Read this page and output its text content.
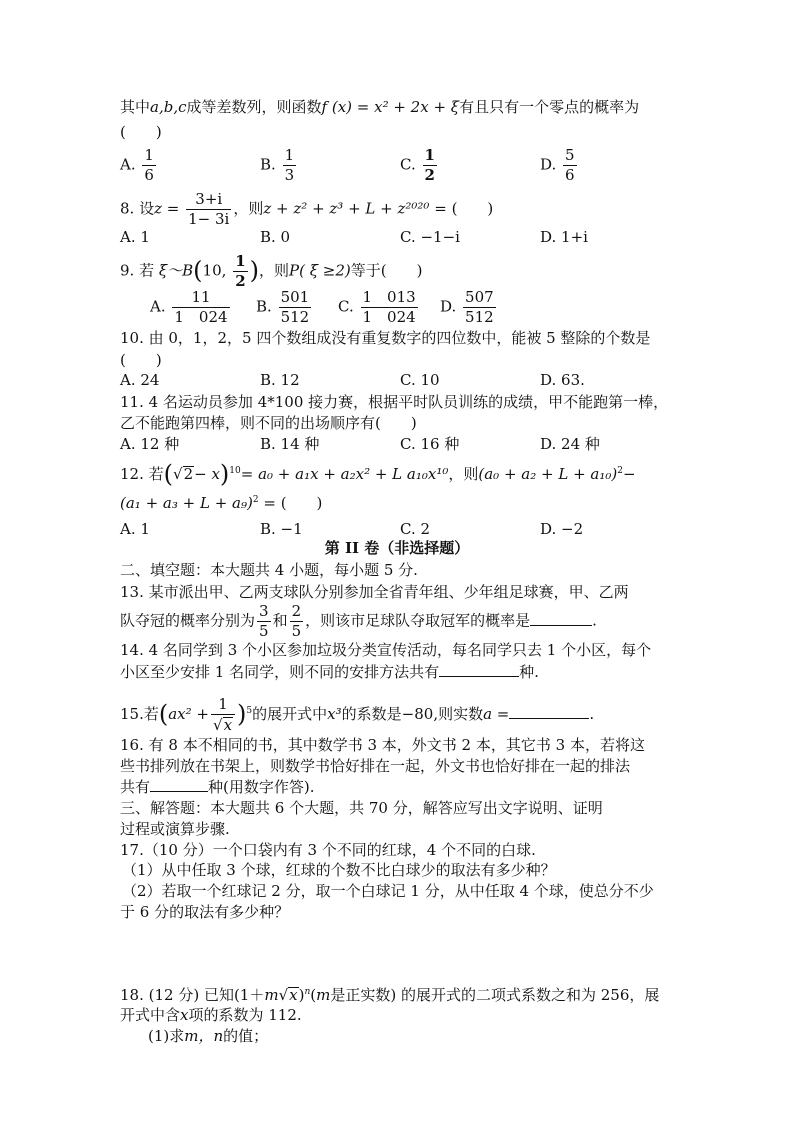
其中a,b,c成等差数列，则函数f (x) = x² + 2x + ξ有且只有一个零点的概率为
(　　)
A. $\frac{1}{6}$	B. $\frac{1}{3}$	C. $\frac{1}{2}$	D. $\frac{5}{6}$
8. 设$z = \frac{3+i}{1- 3i}$ ，则z + z² + z³ + L + z²⁰²⁰ = (　　)
A. 1	B. 0	C. −1−i	D. 1+i
9. 若 ξ～B(10, $\frac{1}{2}$ )，则P( ξ ≥2)等于(　　)
A. $\frac{11}{1 024} B$. $\frac{501}{512} C$. $\frac{1 013}{1 024} D$. $\frac{507}{512}$
10. 由 0，1，2，5 四个数组成没有重复数字的四位数中，能被 5 整除的个数是
(　　)
A. 24	B. 12	C. 10	D. 63.
11. 4 名运动员参加 4*100 接力赛，根据平时队员训练的成绩，甲不能跑第一棒，
乙不能跑第四棒，则不同的出场顺序有(　　)
A. 12 种	B. 14 种	C. 16 种	D. 24 种
12. 若$(√2- x)^{10}= a_0 + a_1x + a_2x^2 + L$ a₁₀x¹⁰，则$(a_0 + a_2 + L + a_{10})^2-$
$(a_1 + a_3 + L + a_9)^2$ = (　　)
A. 1	B. −1	C. 2	D. −2
第 II 卷（非选择题）
二、填空题：本大题共 4 小题，每小题 5 分.
13. 某市派出甲、乙两支球队分别参加全省青年组、少年组足球赛，甲、乙两
队夺冠的概率分别为 $\frac{3}{5}$ 和 $\frac{2}{5}$ ，则该市足球队夺取冠军的概率是	.
14. 4 名同学到 3 个小区参加垃圾分类宣传活动，每名同学只去 1 个小区，每个
小区至少安排 1 名同学，则不同的安排方法共有	种.
15.若$(ax^2 + \frac{1}{√x} )^5$的展开式中x³的系数是−80,则实数a =	.
16. 有 8 本不相同的书，其中数学书 3 本，外文书 2 本，其它书 3 本，若将这
些书排列放在书架上，则数学书恰好排在一起，外文书也恰好排在一起的排法
共有	种(用数字作答).
三、解答题：本大题共 6 个大题，共 70 分，解答应写出文字说明、证明
过程或演算步骤.
17.（10 分）一个口袋内有 3 个不同的红球，4 个不同的白球.
（1）从中任取 3 个球，红球的个数不比白球少的取法有多少种？
（2）若取一个红球记 2 分，取一个白球记 1 分，从中任取 4 个球，使总分不少
于 6 分的取法有多少种？
18. (12 分) 已知$(1+m√x)^n(m$是正实数) 的展开式的二项式系数之和为 256，展
开式中含x项的系数为 112.
(1)求m，n的值；
